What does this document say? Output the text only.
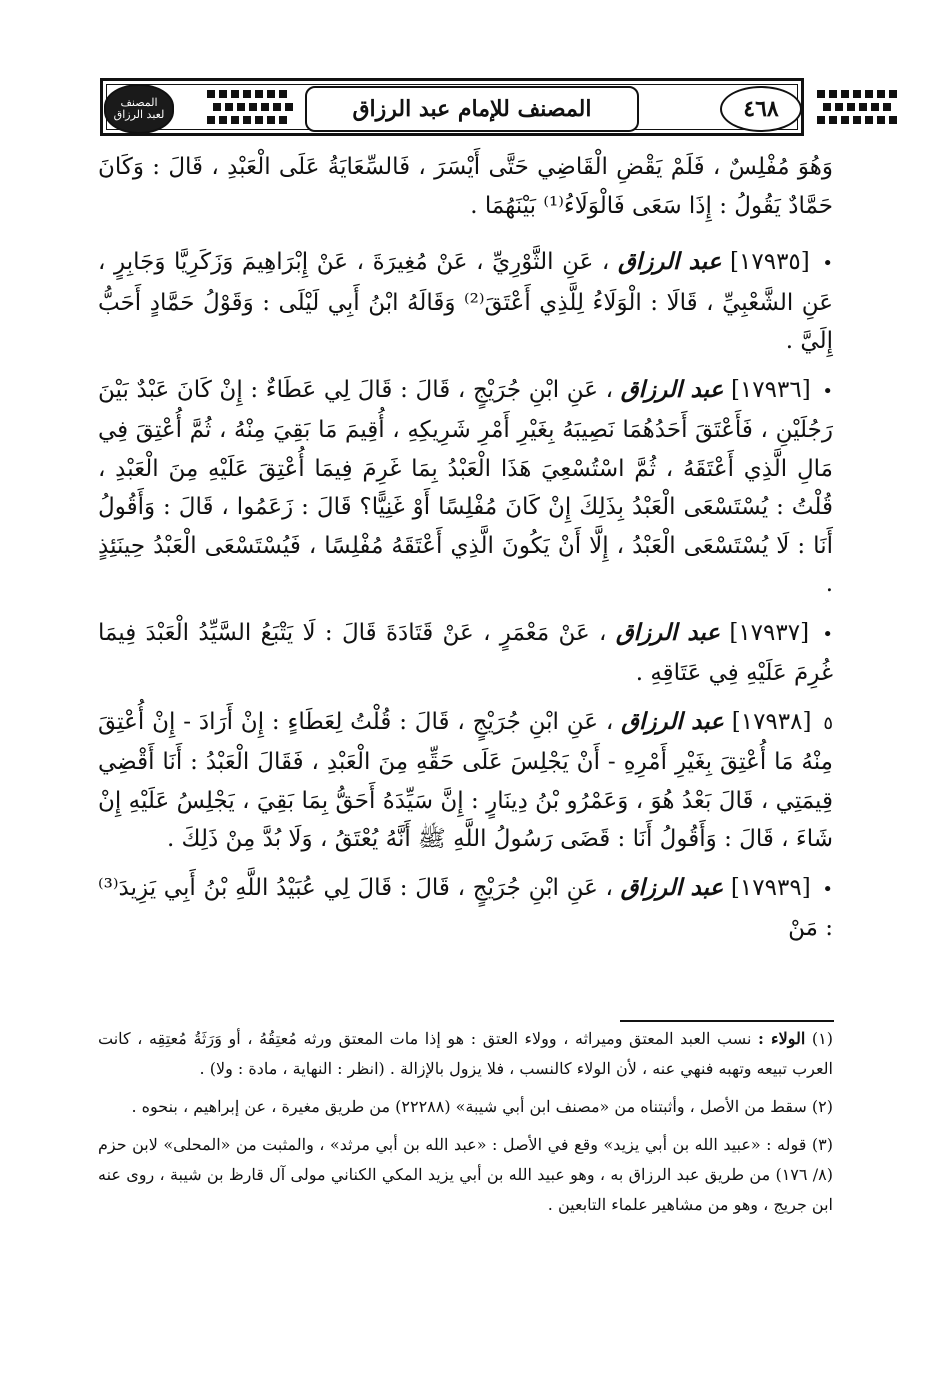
المصنف
لعبد الرزاق	المصنف للإمام عبد الرزاق	٤٦٨

وَهُوَ مُفْلِسٌ ، فَلَمْ يَقْضِ الْقَاضِي حَتَّى أَيْسَرَ ، فَالسِّعَايَةُ عَلَى الْعَبْدِ ، قَالَ : وَكَانَ حَمَّادٌ يَقُولُ : إِذَا سَعَى فَالْوَلَاءُ⁽¹⁾ بَيْنَهُمَا .

• [١٧٩٣٥] عبد الرزاق ، عَنِ الثَّوْرِيِّ ، عَنْ مُغِيرَةَ ، عَنْ إِبْرَاهِيمَ وَزَكَرِيَّا وَجَابِرٍ ، عَنِ الشَّعْبِيِّ ، قَالَا : الْوَلَاءُ لِلَّذِي أَعْتَقَ⁽²⁾ وَقَالَهُ ابْنُ أَبِي لَيْلَى : وَقَوْلُ حَمَّادٍ أَحَبُّ إِلَيَّ .

• [١٧٩٣٦] عبد الرزاق ، عَنِ ابْنِ جُرَيْجٍ ، قَالَ : قَالَ لِي عَطَاءٌ : إِنْ كَانَ عَبْدٌ بَيْنَ رَجُلَيْنِ ، فَأَعْتَقَ أَحَدُهُمَا نَصِيبَهُ بِغَيْرِ أَمْرِ شَرِيكِهِ ، أُقِيمَ مَا بَقِيَ مِنْهُ ، ثُمَّ أُعْتِقَ فِي مَالِ الَّذِي أَعْتَقَهُ ، ثُمَّ اسْتُسْعِيَ هَذَا الْعَبْدُ بِمَا غَرِمَ فِيمَا أُعْتِقَ عَلَيْهِ مِنَ الْعَبْدِ ، قُلْتُ : يُسْتَسْعَى الْعَبْدُ بِذَلِكَ إِنْ كَانَ مُفْلِسًا أَوْ غَنِيًّا؟ قَالَ : زَعَمُوا ، قَالَ : وَأَقُولُ أَنَا : لَا يُسْتَسْعَى الْعَبْدُ ، إِلَّا أَنْ يَكُونَ الَّذِي أَعْتَقَهُ مُفْلِسًا ، فَيُسْتَسْعَى الْعَبْدُ حِينَئِذٍ .

• [١٧٩٣٧] عبد الرزاق ، عَنْ مَعْمَرٍ ، عَنْ قَتَادَةَ قَالَ : لَا يَتْبَعُ السَّيِّدُ الْعَبْدَ فِيمَا غُرِمَ عَلَيْهِ فِي عَتَاقِهِ .

٥ [١٧٩٣٨] عبد الرزاق ، عَنِ ابْنِ جُرَيْجٍ ، قَالَ : قُلْتُ لِعَطَاءٍ : إِنْ أَرَادَ - إِنْ أُعْتِقَ مِنْهُ مَا أُعْتِقَ بِغَيْرِ أَمْرِهِ - أَنْ يَجْلِسَ عَلَى حَقِّهِ مِنَ الْعَبْدِ ، فَقَالَ الْعَبْدُ : أَنَا أَقْضِي قِيمَتِي ، قَالَ بَعْدُ هُوَ ، وَعَمْرُو بْنُ دِينَارٍ : إِنَّ سَيِّدَهُ أَحَقُّ بِمَا بَقِيَ ، يَجْلِسُ عَلَيْهِ إِنْ شَاءَ ، قَالَ : وَأَقُولُ أَنَا : قَضَى رَسُولُ اللَّهِ ﷺ أَنَّهُ يُعْتَقُ ، وَلَا بُدَّ مِنْ ذَلِكَ .

• [١٧٩٣٩] عبد الرزاق ، عَنِ ابْنِ جُرَيْجٍ ، قَالَ : قَالَ لِي عُبَيْدُ اللَّهِ بْنُ أَبِي يَزِيدَ⁽³⁾ : مَنْ

(١) الولاء : نسب العبد المعتق وميراثه ، وولاء العتق : هو إذا مات المعتق ورثه مُعتِقُهُ ، أو وَرَثَةُ مُعتِقِه ، كانت العرب تبيعه وتهبه فنهي عنه ، لأن الولاء كالنسب ، فلا يزول بالإزالة . (انظر : النهاية ، مادة : ولا) .

(٢) سقط من الأصل ، وأثبتناه من «مصنف ابن أبي شيبة» (٢٢٢٨٨) من طريق مغيرة ، عن إبراهيم ، بنحوه .

(٣) قوله : «عبيد الله بن أبي يزيد» وقع في الأصل : «عبد الله بن أبي مرثد» ، والمثبت من «المحلى» لابن حزم (٨/ ١٧٦) من طريق عبد الرزاق به ، وهو عبيد الله بن أبي يزيد المكي الكناني مولى آل قارظ بن شيبة ، روى عنه ابن جريج ، وهو من مشاهير علماء التابعين .
